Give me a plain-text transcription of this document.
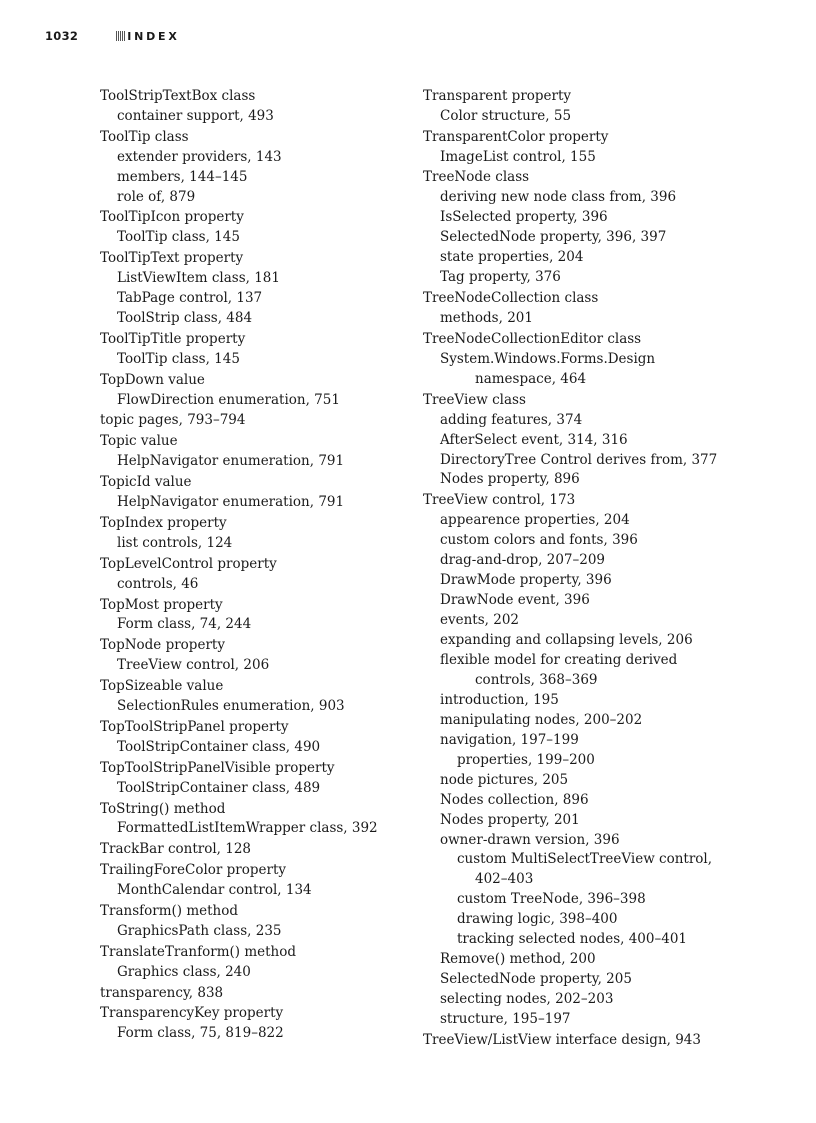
1032	INDEX
ToolStripTextBox class
container support, 493
ToolTip class
extender providers, 143
members, 144–145
role of, 879
ToolTipIcon property
ToolTip class, 145
ToolTipText property
ListViewItem class, 181
TabPage control, 137
ToolStrip class, 484
ToolTipTitle property
ToolTip class, 145
TopDown value
FlowDirection enumeration, 751
topic pages, 793–794
Topic value
HelpNavigator enumeration, 791
TopicId value
HelpNavigator enumeration, 791
TopIndex property
list controls, 124
TopLevelControl property
controls, 46
TopMost property
Form class, 74, 244
TopNode property
TreeView control, 206
TopSizeable value
SelectionRules enumeration, 903
TopToolStripPanel property
ToolStripContainer class, 490
TopToolStripPanelVisible property
ToolStripContainer class, 489
ToString() method
FormattedListItemWrapper class, 392
TrackBar control, 128
TrailingForeColor property
MonthCalendar control, 134
Transform() method
GraphicsPath class, 235
TranslateTranform() method
Graphics class, 240
transparency, 838
TransparencyKey property
Form class, 75, 819–822
Transparent property
Color structure, 55
TransparentColor property
ImageList control, 155
TreeNode class
deriving new node class from, 396
IsSelected property, 396
SelectedNode property, 396, 397
state properties, 204
Tag property, 376
TreeNodeCollection class
methods, 201
TreeNodeCollectionEditor class
System.Windows.Forms.Design
namespace, 464
TreeView class
adding features, 374
AfterSelect event, 314, 316
DirectoryTree Control derives from, 377
Nodes property, 896
TreeView control, 173
appearence properties, 204
custom colors and fonts, 396
drag-and-drop, 207–209
DrawMode property, 396
DrawNode event, 396
events, 202
expanding and collapsing levels, 206
flexible model for creating derived
controls, 368–369
introduction, 195
manipulating nodes, 200–202
navigation, 197–199
properties, 199–200
node pictures, 205
Nodes collection, 896
Nodes property, 201
owner-drawn version, 396
custom MultiSelectTreeView control,
402–403
custom TreeNode, 396–398
drawing logic, 398–400
tracking selected nodes, 400–401
Remove() method, 200
SelectedNode property, 205
selecting nodes, 202–203
structure, 195–197
TreeView/ListView interface design, 943
